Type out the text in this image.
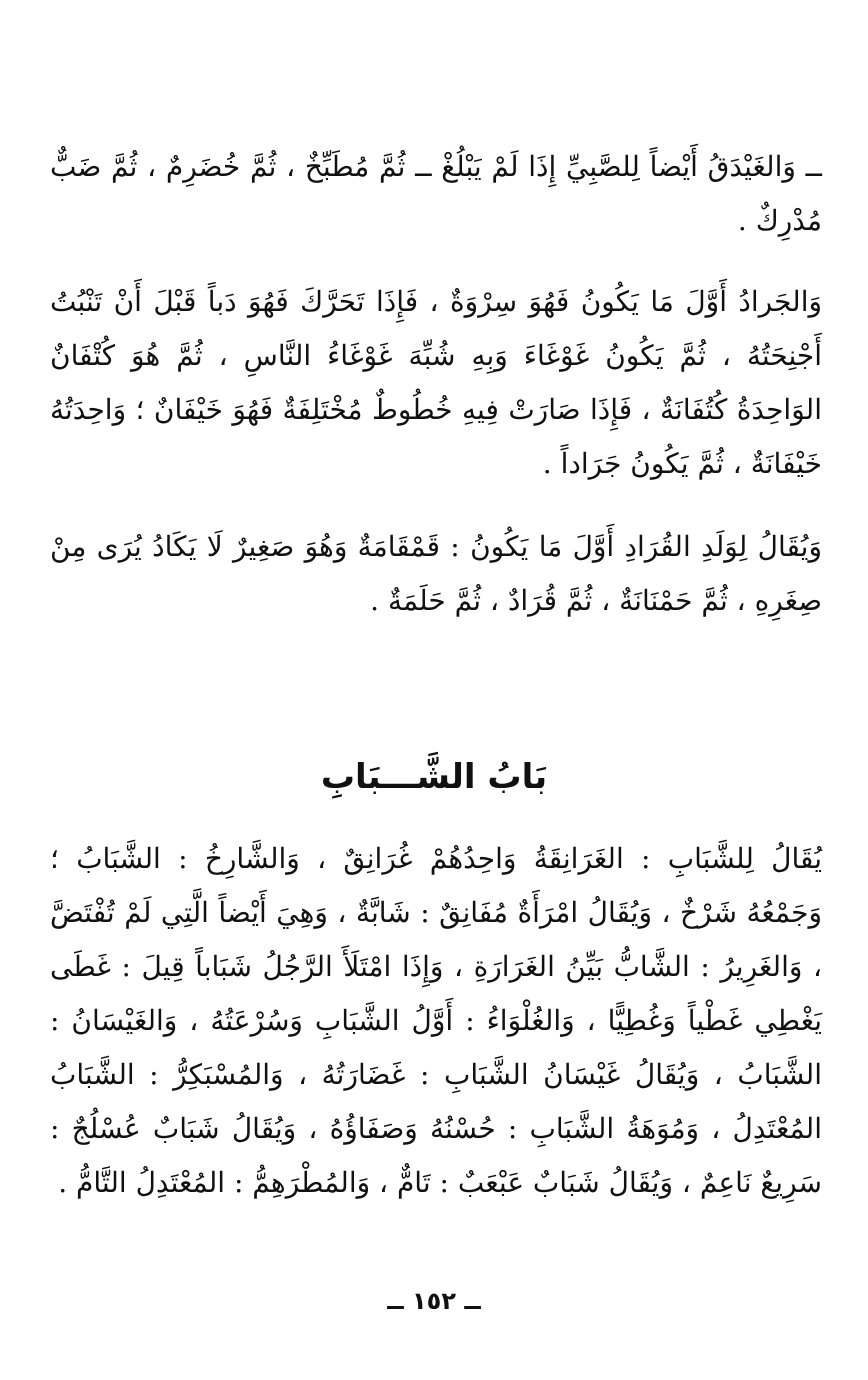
ــ وَالغَيْدَقُ أَيْضاً لِلصَّبِيِّ إِذَا لَمْ يَبْلُغْ ــ ثُمَّ مُطَبِّخٌ ، ثُمَّ خُضَرِمٌ ، ثُمَّ ضَبٌّ مُدْرِكٌ .

وَالجَرادُ أَوَّلَ مَا يَكُونُ فَهُوَ سِرْوَةٌ ، فَإِذَا تَحَرَّكَ فَهُوَ دَباً قَبْلَ أَنْ تَنْبُتُ أَجْنِحَتُهُ ، ثُمَّ يَكُونُ غَوْغَاءَ وَبِهِ شُبِّهَ غَوْغَاءُ النَّاسِ ، ثُمَّ هُوَ كُتْفَانٌ الوَاحِدَةُ كُتُفَانَةٌ ، فَإِذَا صَارَتْ فِيهِ خُطُوطٌ مُخْتَلِفَةٌ فَهُوَ خَيْفَانٌ ؛ وَاحِدَتُهُ خَيْفَانَةٌ ، ثُمَّ يَكُونُ جَرَاداً .

وَيُقَالُ لِوَلَدِ القُرَادِ أَوَّلَ مَا يَكُونُ : قَمْقَامَةٌ وَهُوَ صَغِيرٌ لَا يَكَادُ يُرَى مِنْ صِغَرِهِ ، ثُمَّ حَمْنَانَةٌ ، ثُمَّ قُرَادٌ ، ثُمَّ حَلَمَةٌ .

بَابُ الشَّـــبَابِ

يُقَالُ لِلشَّبَابِ : الغَرَانِقَةُ وَاحِدُهُمْ غُرَانِقٌ ، وَالشَّارِخُ : الشَّبَابُ ؛ وَجَمْعُهُ شَرْخٌ ، وَيُقَالُ امْرَأَةٌ مُفَانِقٌ : شَابَّةٌ ، وَهِيَ أَيْضاً الَّتِي لَمْ تُفْتَضَّ ، وَالغَرِيرُ : الشَّابُّ بَيِّنُ الغَرَارَةِ ، وَإِذَا امْتَلَأَ الرَّجُلُ شَبَاباً قِيلَ : غَطَى يَغْطِي غَطْياً وَغُطِيًّا ، وَالغُلْوَاءُ : أَوَّلُ الشَّبَابِ وَسُرْعَتُهُ ، وَالغَيْسَانُ : الشَّبَابُ ، وَيُقَالُ غَيْسَانُ الشَّبَابِ : غَضَارَتُهُ ، وَالمُسْبَكِرُّ : الشَّبَابُ المُعْتَدِلُ ، وَمُوَهَةُ الشَّبَابِ : حُسْنُهُ وَصَفَاؤُهُ ، وَيُقَالُ شَبَابٌ عُسْلُجٌ : سَرِيعٌ نَاعِمٌ ، وَيُقَالُ شَبَابٌ عَبْعَبٌ : تَامٌّ ، وَالمُطْرَهِمُّ : المُعْتَدِلُ التَّامُّ .

ــ ١٥٢ ــ
